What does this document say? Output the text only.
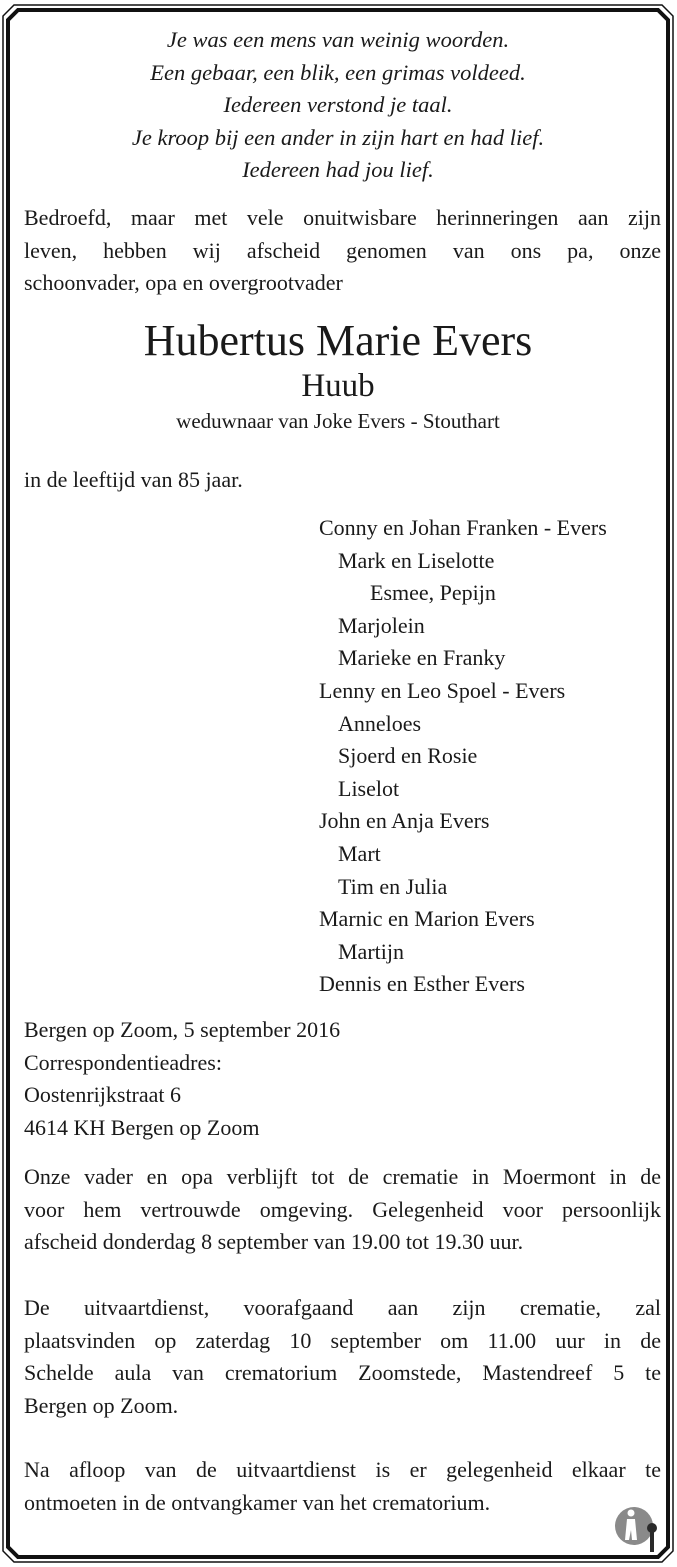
Je was een mens van weinig woorden.
Een gebaar, een blik, een grimas voldeed.
Iedereen verstond je taal.
Je kroop bij een ander in zijn hart en had lief.
Iedereen had jou lief.

Bedroefd, maar met vele onuitwisbare herinneringen aan zijn
leven, hebben wij afscheid genomen van ons pa, onze
schoonvader, opa en overgrootvader

Hubertus Marie Evers

Huub

weduwnaar van Joke Evers - Stouthart

in de leeftijd van 85 jaar.

Conny en Johan Franken - Evers
Mark en Liselotte
Esmee, Pepijn
Marjolein
Marieke en Franky
Lenny en Leo Spoel - Evers
Anneloes
Sjoerd en Rosie
Liselot
John en Anja Evers
Mart
Tim en Julia
Marnic en Marion Evers
Martijn
Dennis en Esther Evers
Bergen op Zoom, 5 september 2016
Correspondentieadres:
Oostenrijkstraat 6
4614 KH Bergen op Zoom

Onze vader en opa verblijft tot de crematie in Moermont in de
voor hem vertrouwde omgeving. Gelegenheid voor persoonlijk
afscheid donderdag 8 september van 19.00 tot 19.30 uur.

De uitvaartdienst, voorafgaand aan zijn crematie, zal
plaatsvinden op zaterdag 10 september om 11.00 uur in de
Schelde aula van crematorium Zoomstede, Mastendreef 5 te
Bergen op Zoom.

Na afloop van de uitvaartdienst is er gelegenheid elkaar te
ontmoeten in de ontvangkamer van het crematorium.
